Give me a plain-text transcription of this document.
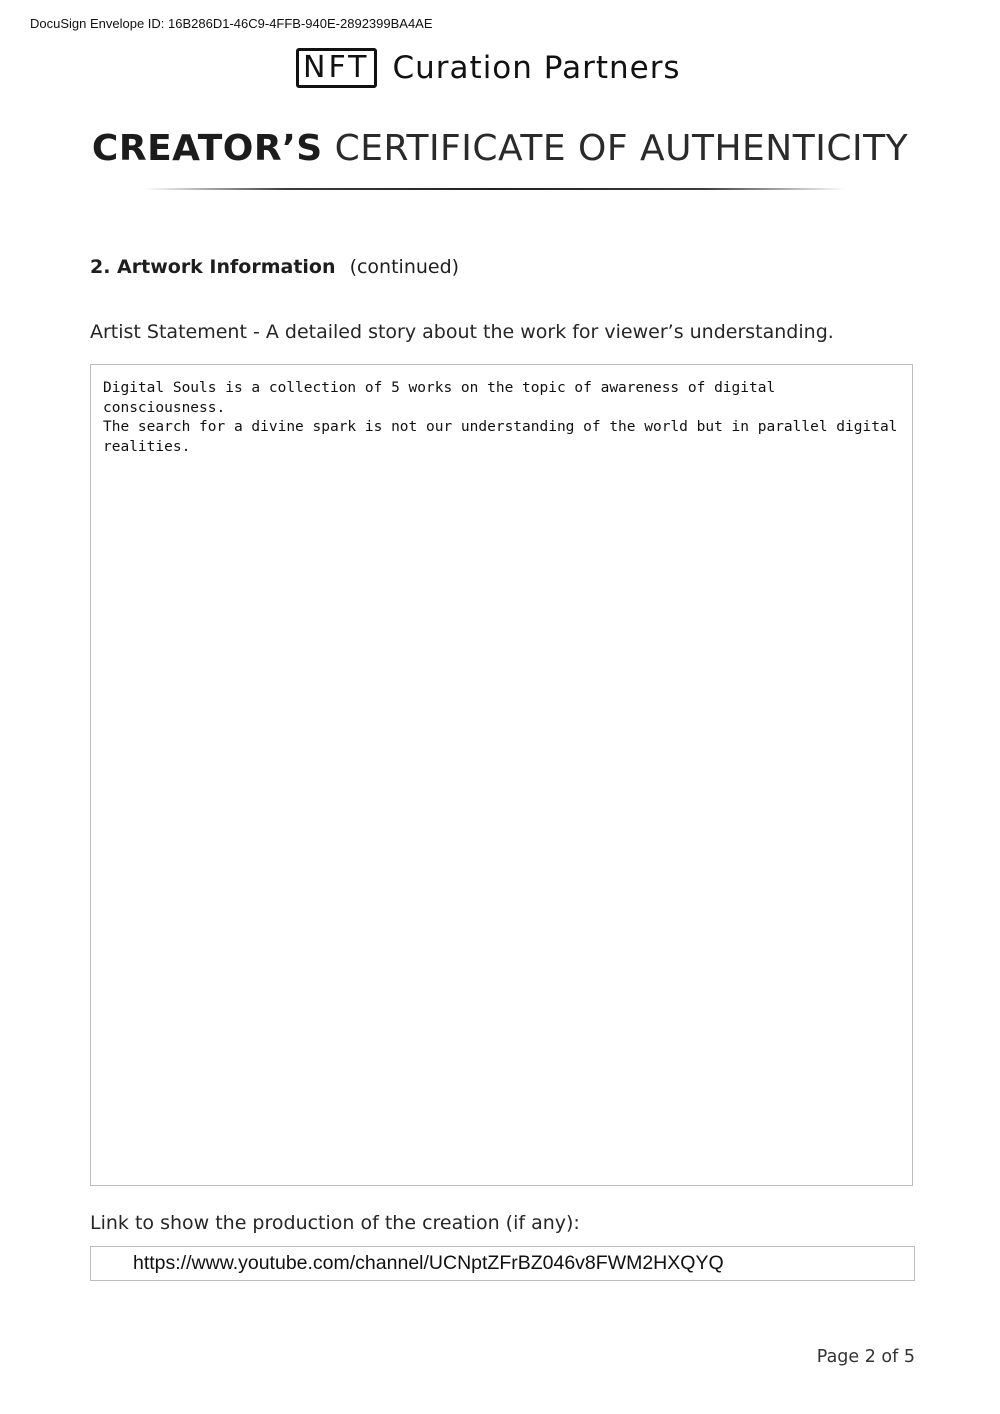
DocuSign Envelope ID: 16B286D1-46C9-4FFB-940E-2892399BA4AE
NFT Curation Partners
CREATOR’S CERTIFICATE OF AUTHENTICITY
2. Artwork Information (continued)
Artist Statement - A detailed story about the work for viewer’s understanding.
Digital Souls is a collection of 5 works on the topic of awareness of digital consciousness.
The search for a divine spark is not our understanding of the world but in parallel digital
realities.
Link to show the production of the creation (if any):
https://www.youtube.com/channel/UCNptZFrBZ046v8FWM2HXQYQ
Page 2 of 5
